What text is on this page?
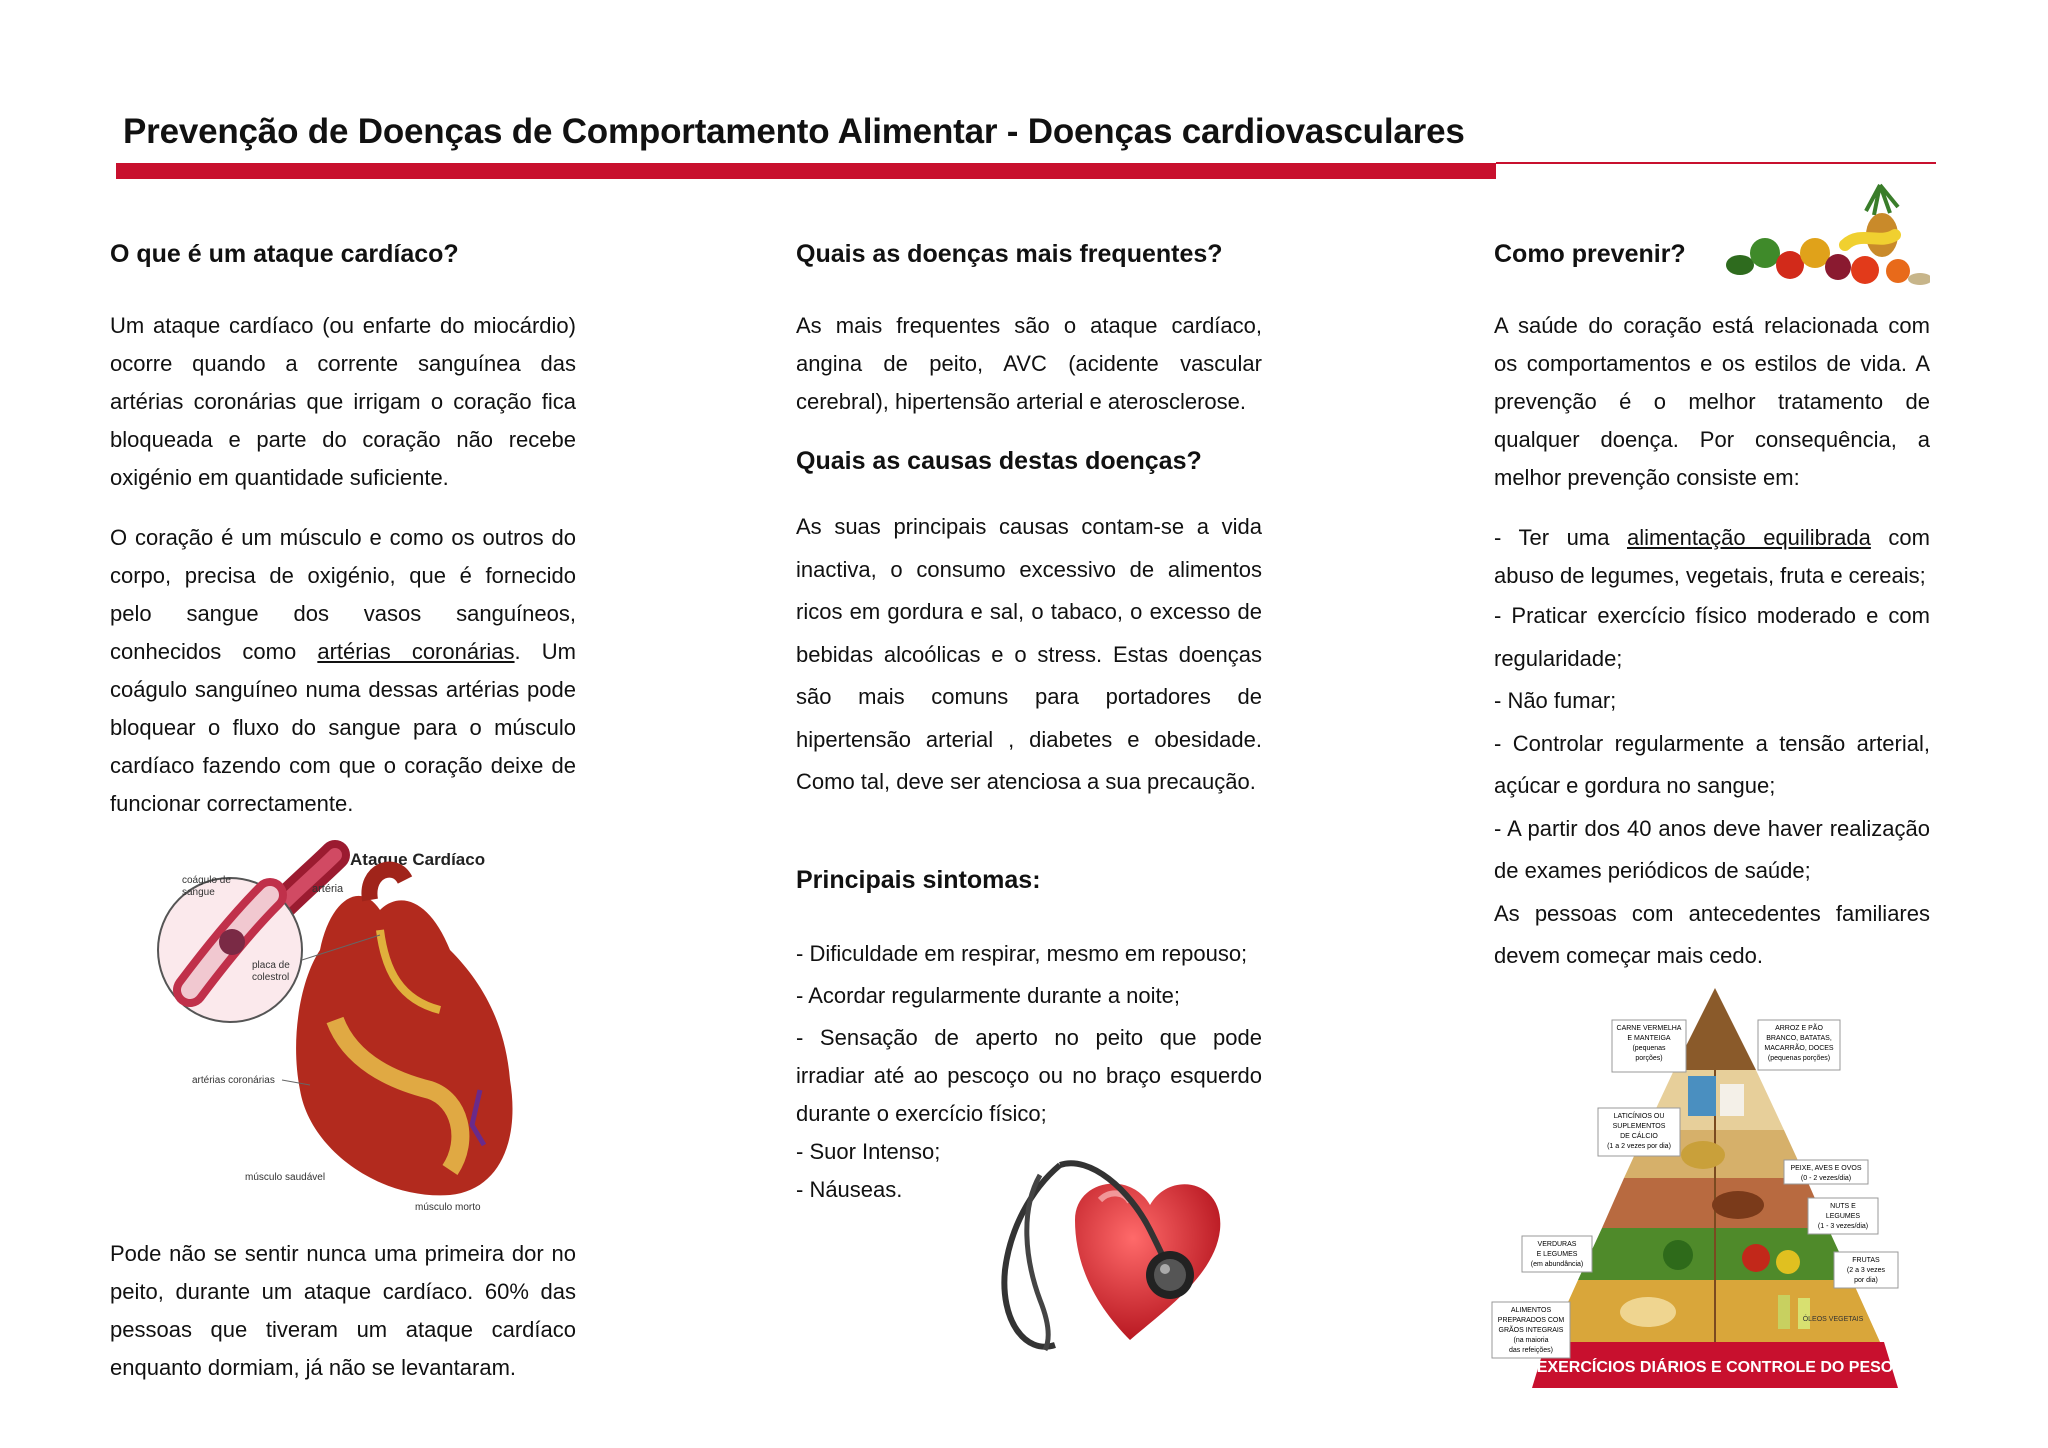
Prevenção de Doenças de Comportamento Alimentar - Doenças cardiovasculares
O que é um ataque cardíaco?

Um ataque cardíaco (ou enfarte do miocárdio) ocorre quando a corrente sanguínea das artérias coronárias que irrigam o coração fica bloqueada e parte do coração não recebe oxigénio em quantidade suficiente.

O coração é um músculo e como os outros do corpo, precisa de oxigénio, que é fornecido pelo sangue dos vasos sanguíneos, conhecidos como artérias coronárias. Um coágulo sanguíneo numa dessas artérias pode bloquear o fluxo do sangue para o músculo cardíaco fazendo com que o coração deixe de funcionar correctamente.

Ataque Cardíaco
coágulo de
sangue	artéria
placa de
colestrol
artérias coronárias
músculo saudável
músculo morto

Pode não se sentir nunca uma primeira dor no peito, durante um ataque cardíaco. 60% das pessoas que tiveram um ataque cardíaco enquanto dormiam, já não se levantaram.

Quais as doenças mais frequentes?

As mais frequentes são o ataque cardíaco, angina de peito, AVC (acidente vascular cerebral), hipertensão arterial e aterosclerose.

Quais as causas destas doenças?

As suas principais causas contam-se a vida inactiva, o consumo excessivo de alimentos ricos em gordura e sal, o tabaco, o excesso de bebidas alcoólicas e o stress. Estas doenças são mais comuns para portadores de hipertensão arterial , diabetes e obesidade. Como tal, deve ser atenciosa a sua precaução.

Principais sintomas:
- Dificuldade em respirar, mesmo em repouso;
- Acordar regularmente durante a noite;
- Sensação de aperto no peito que pode irradiar até ao pescoço ou no braço esquerdo durante o exercício físico;
- Suor Intenso;
- Náuseas.
Como prevenir?

A saúde do coração está relacionada com os comportamentos e os estilos de vida. A prevenção é o melhor tratamento de qualquer doença. Por consequência, a melhor prevenção consiste em:

- Ter uma alimentação equilibrada com abuso de legumes, vegetais, fruta e cereais;
- Praticar exercício físico moderado e com regularidade;
- Não fumar;
- Controlar regularmente a tensão arterial, açúcar e gordura no sangue;
- A partir dos 40 anos deve haver realização de exames periódicos de saúde;
As pessoas com antecedentes familiares devem começar mais cedo.
EXERCÍCIOS DIÁRIOS E CONTROLE DO PESO
CARNE VERMELHA
E MANTEIGA
(pequenas
porções)
ARROZ E PÃO
BRANCO, BATATAS,
MACARRÃO, DOCES
(pequenas porções)
LATICÍNIOS OU
SUPLEMENTOS
DE CÁLCIO
(1 a 2 vezes por dia)
PEIXE, AVES E OVOS
(0 - 2 vezes/dia)
NUTS E
LEGUMES
(1 - 3 vezes/dia)
VERDURAS
E LEGUMES
(em abundância)
FRUTAS
(2 a 3 vezes
por dia)
ALIMENTOS
PREPARADOS COM
GRÃOS INTEGRAIS
(na maioria
das refeições)
ÓLEOS VEGETAIS
